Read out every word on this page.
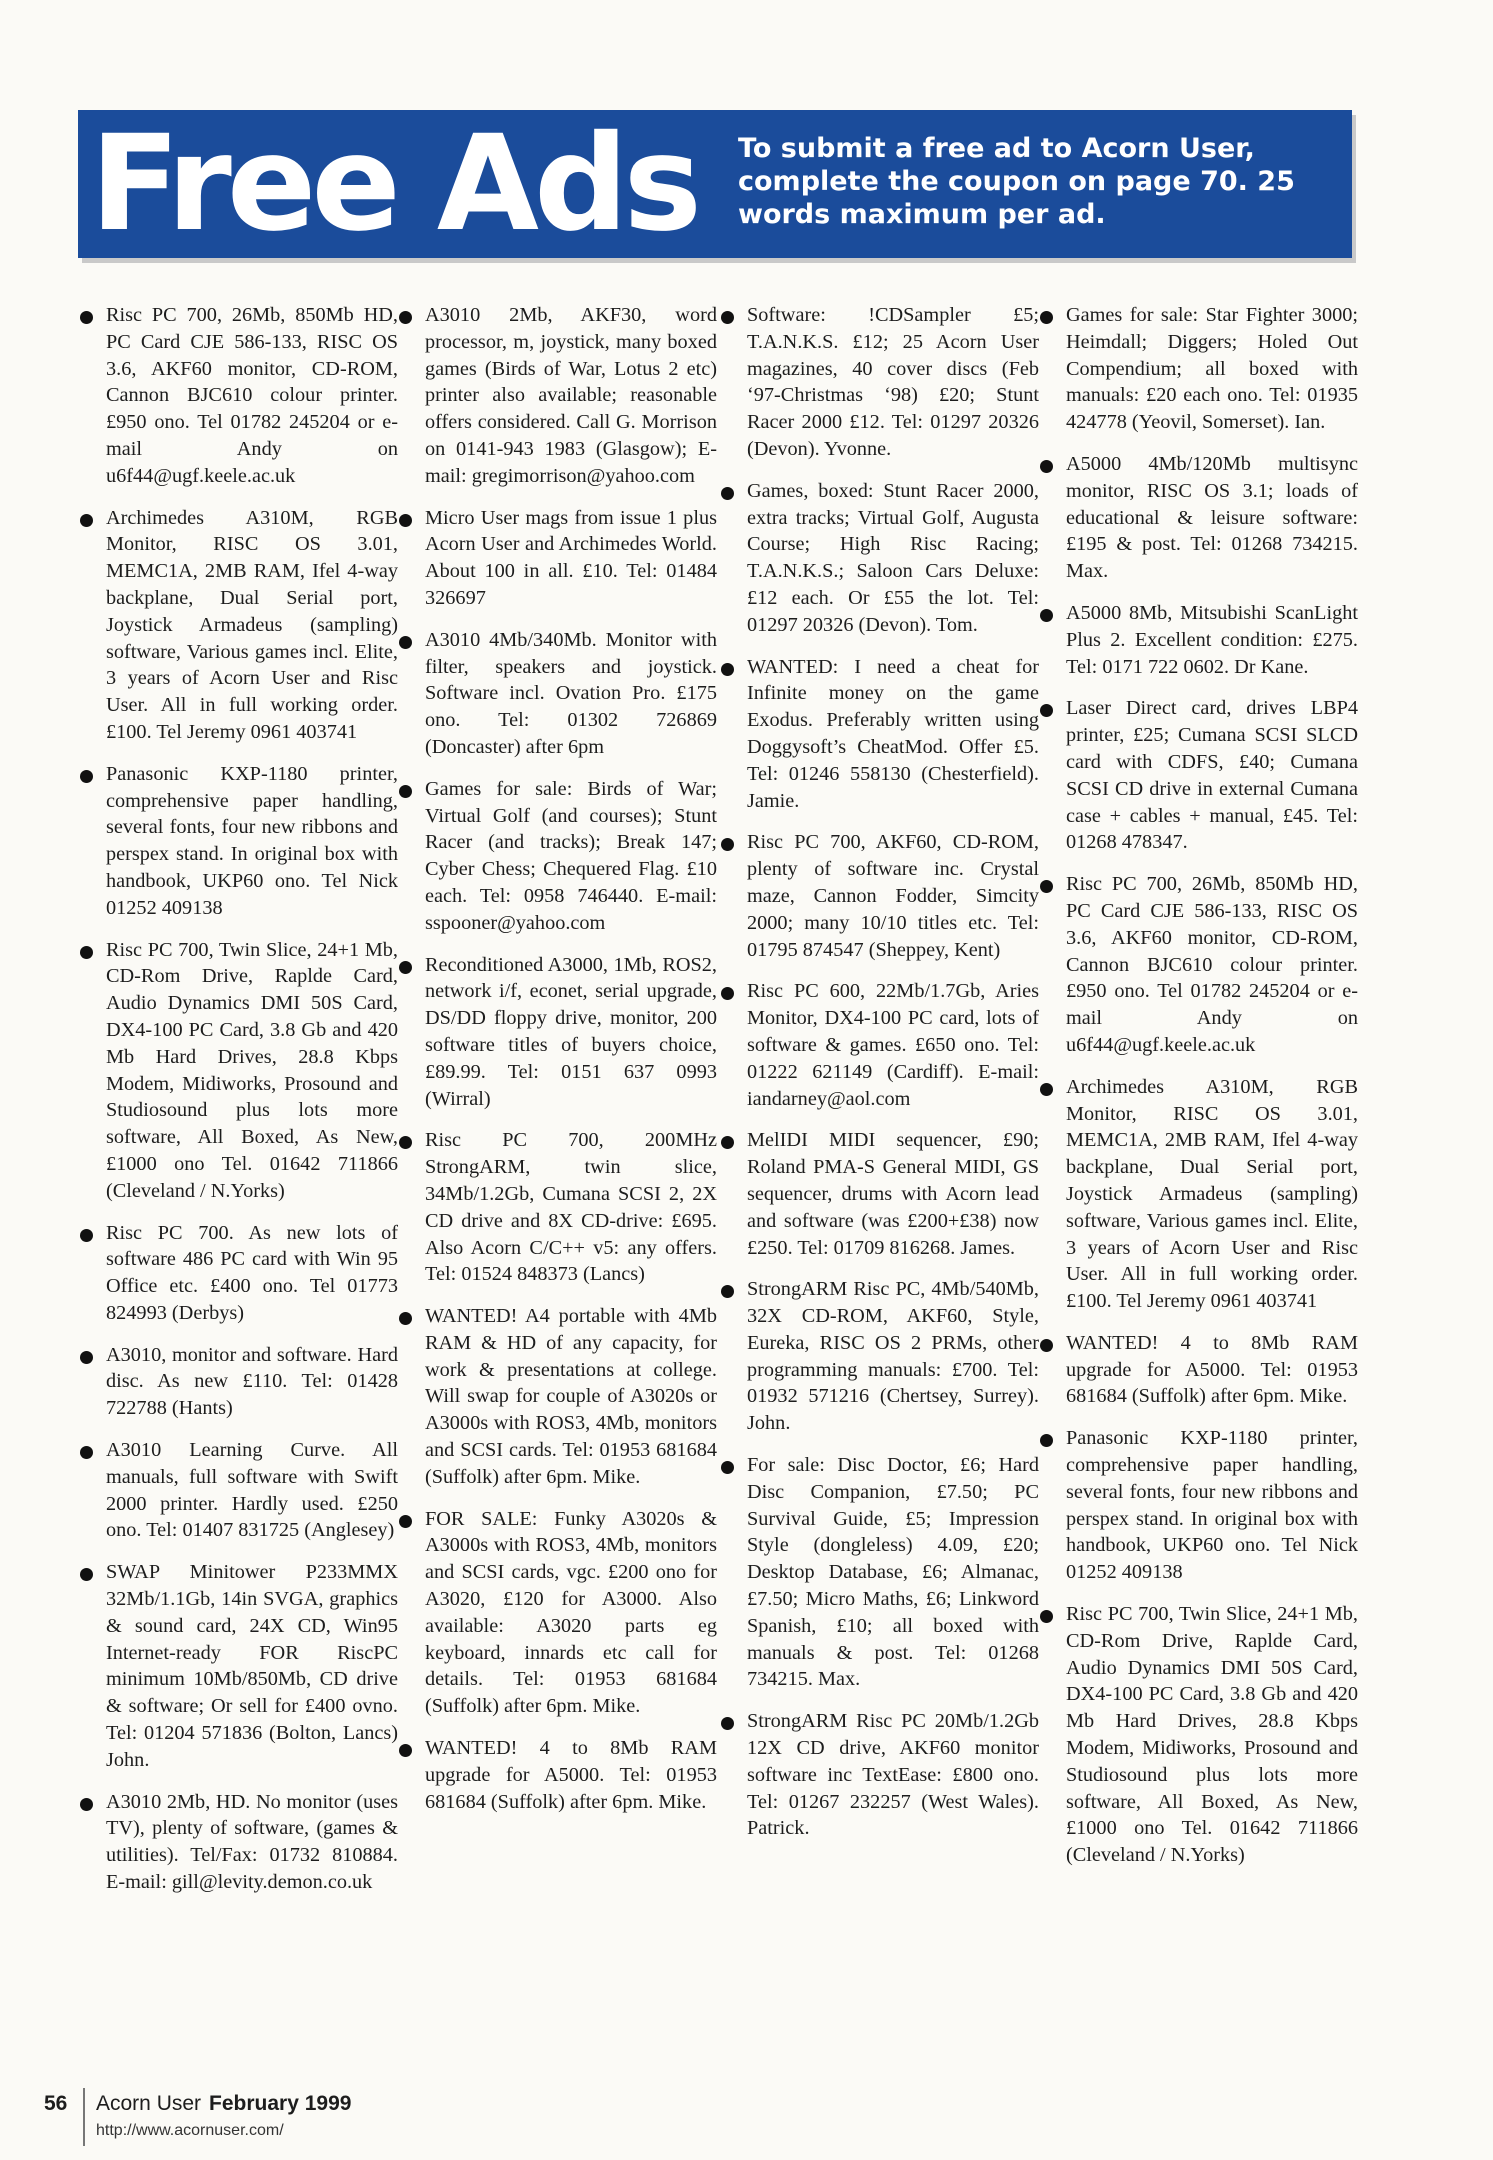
Free Ads To submit a free ad to Acorn User, complete the coupon on page 70. 25 words maximum per ad.
Risc PC 700, 26Mb, 850Mb HD, PC Card CJE 586-133, RISC OS 3.6, AKF60 monitor, CD-ROM, Cannon BJC610 colour printer. £950 ono. Tel 01782 245204 or e-mail Andy on u6f44@ugf.keele.ac.uk
Archimedes A310M, RGB Monitor, RISC OS 3.01, MEMC1A, 2MB RAM, Ifel 4-way backplane, Dual Serial port, Joystick Armadeus (sampling) software, Various games incl. Elite, 3 years of Acorn User and Risc User. All in full working order. £100. Tel Jeremy 0961 403741
Panasonic KXP-1180 printer, comprehensive paper handling, several fonts, four new ribbons and perspex stand. In original box with handbook, UKP60 ono. Tel Nick 01252 409138
Risc PC 700, Twin Slice, 24+1 Mb, CD-Rom Drive, Raplde Card, Audio Dynamics DMI 50S Card, DX4-100 PC Card, 3.8 Gb and 420 Mb Hard Drives, 28.8 Kbps Modem, Midiworks, Prosound and Studiosound plus lots more software, All Boxed, As New, £1000 ono Tel. 01642 711866 (Cleveland / N.Yorks)
Risc PC 700. As new lots of software 486 PC card with Win 95 Office etc. £400 ono. Tel 01773 824993 (Derbys)
A3010, monitor and software. Hard disc. As new £110. Tel: 01428 722788 (Hants)
A3010 Learning Curve. All manuals, full software with Swift 2000 printer. Hardly used. £250 ono. Tel: 01407 831725 (Anglesey)
SWAP Minitower P233MMX 32Mb/1.1Gb, 14in SVGA, graphics & sound card, 24X CD, Win95 Internet-ready FOR RiscPC minimum 10Mb/850Mb, CD drive & software; Or sell for £400 ovno. Tel: 01204 571836 (Bolton, Lancs) John.
A3010 2Mb, HD. No monitor (uses TV), plenty of software, (games & utilities). Tel/Fax: 01732 810884. E-mail: gill@levity.demon.co.uk
A3010 2Mb, AKF30, word processor, m, joystick, many boxed games (Birds of War, Lotus 2 etc) printer also available; reasonable offers considered. Call G. Morrison on 0141-943 1983 (Glasgow); E-mail: gregimorrison@yahoo.com
Micro User mags from issue 1 plus Acorn User and Archimedes World. About 100 in all. £10. Tel: 01484 326697
A3010 4Mb/340Mb. Monitor with filter, speakers and joystick. Software incl. Ovation Pro. £175 ono. Tel: 01302 726869 (Doncaster) after 6pm
Games for sale: Birds of War; Virtual Golf (and courses); Stunt Racer (and tracks); Break 147; Cyber Chess; Chequered Flag. £10 each. Tel: 0958 746440. E-mail: sspooner@yahoo.com
Reconditioned A3000, 1Mb, ROS2, network i/f, econet, serial upgrade, DS/DD floppy drive, monitor, 200 software titles of buyers choice, £89.99. Tel: 0151 637 0993 (Wirral)
Risc PC 700, 200MHz StrongARM, twin slice, 34Mb/1.2Gb, Cumana SCSI 2, 2X CD drive and 8X CD-drive: £695. Also Acorn C/C++ v5: any offers. Tel: 01524 848373 (Lancs)
WANTED! A4 portable with 4Mb RAM & HD of any capacity, for work & presentations at college. Will swap for couple of A3020s or A3000s with ROS3, 4Mb, monitors and SCSI cards. Tel: 01953 681684 (Suffolk) after 6pm. Mike.
FOR SALE: Funky A3020s & A3000s with ROS3, 4Mb, monitors and SCSI cards, vgc. £200 ono for A3020, £120 for A3000. Also available: A3020 parts eg keyboard, innards etc call for details. Tel: 01953 681684 (Suffolk) after 6pm. Mike.
WANTED! 4 to 8Mb RAM upgrade for A5000. Tel: 01953 681684 (Suffolk) after 6pm. Mike.
Software: !CDSampler £5; T.A.N.K.S. £12; 25 Acorn User magazines, 40 cover discs (Feb ‘97-Christmas ‘98) £20; Stunt Racer 2000 £12. Tel: 01297 20326 (Devon). Yvonne.
Games, boxed: Stunt Racer 2000, extra tracks; Virtual Golf, Augusta Course; High Risc Racing; T.A.N.K.S.; Saloon Cars Deluxe: £12 each. Or £55 the lot. Tel: 01297 20326 (Devon). Tom.
WANTED: I need a cheat for Infinite money on the game Exodus. Preferably written using Doggysoft’s CheatMod. Offer £5. Tel: 01246 558130 (Chesterfield). Jamie.
Risc PC 700, AKF60, CD-ROM, plenty of software inc. Crystal maze, Cannon Fodder, Simcity 2000; many 10/10 titles etc. Tel: 01795 874547 (Sheppey, Kent)
Risc PC 600, 22Mb/1.7Gb, Aries Monitor, DX4-100 PC card, lots of software & games. £650 ono. Tel: 01222 621149 (Cardiff). E-mail: iandarney@aol.com
MelIDI MIDI sequencer, £90; Roland PMA-S General MIDI, GS sequencer, drums with Acorn lead and software (was £200+£38) now £250. Tel: 01709 816268. James.
StrongARM Risc PC, 4Mb/540Mb, 32X CD-ROM, AKF60, Style, Eureka, RISC OS 2 PRMs, other programming manuals: £700. Tel: 01932 571216 (Chertsey, Surrey). John.
For sale: Disc Doctor, £6; Hard Disc Companion, £7.50; PC Survival Guide, £5; Impression Style (dongleless) 4.09, £20; Desktop Database, £6; Almanac, £7.50; Micro Maths, £6; Linkword Spanish, £10; all boxed with manuals & post. Tel: 01268 734215. Max.
StrongARM Risc PC 20Mb/1.2Gb 12X CD drive, AKF60 monitor software inc TextEase: £800 ono. Tel: 01267 232257 (West Wales). Patrick.
Games for sale: Star Fighter 3000; Heimdall; Diggers; Holed Out Compendium; all boxed with manuals: £20 each ono. Tel: 01935 424778 (Yeovil, Somerset). Ian.
A5000 4Mb/120Mb multisync monitor, RISC OS 3.1; loads of educational & leisure software: £195 & post. Tel: 01268 734215. Max.
A5000 8Mb, Mitsubishi ScanLight Plus 2. Excellent condition: £275. Tel: 0171 722 0602. Dr Kane.
Laser Direct card, drives LBP4 printer, £25; Cumana SCSI SLCD card with CDFS, £40; Cumana SCSI CD drive in external Cumana case + cables + manual, £45. Tel: 01268 478347.
Risc PC 700, 26Mb, 850Mb HD, PC Card CJE 586-133, RISC OS 3.6, AKF60 monitor, CD-ROM, Cannon BJC610 colour printer. £950 ono. Tel 01782 245204 or e-mail Andy on u6f44@ugf.keele.ac.uk
Archimedes A310M, RGB Monitor, RISC OS 3.01, MEMC1A, 2MB RAM, Ifel 4-way backplane, Dual Serial port, Joystick Armadeus (sampling) software, Various games incl. Elite, 3 years of Acorn User and Risc User. All in full working order. £100. Tel Jeremy 0961 403741
WANTED! 4 to 8Mb RAM upgrade for A5000. Tel: 01953 681684 (Suffolk) after 6pm. Mike.
Panasonic KXP-1180 printer, comprehensive paper handling, several fonts, four new ribbons and perspex stand. In original box with handbook, UKP60 ono. Tel Nick 01252 409138
Risc PC 700, Twin Slice, 24+1 Mb, CD-Rom Drive, Raplde Card, Audio Dynamics DMI 50S Card, DX4-100 PC Card, 3.8 Gb and 420 Mb Hard Drives, 28.8 Kbps Modem, Midiworks, Prosound and Studiosound plus lots more software, All Boxed, As New, £1000 ono Tel. 01642 711866 (Cleveland / N.Yorks)
56 Acorn User February 1999
http://www.acornuser.com/
